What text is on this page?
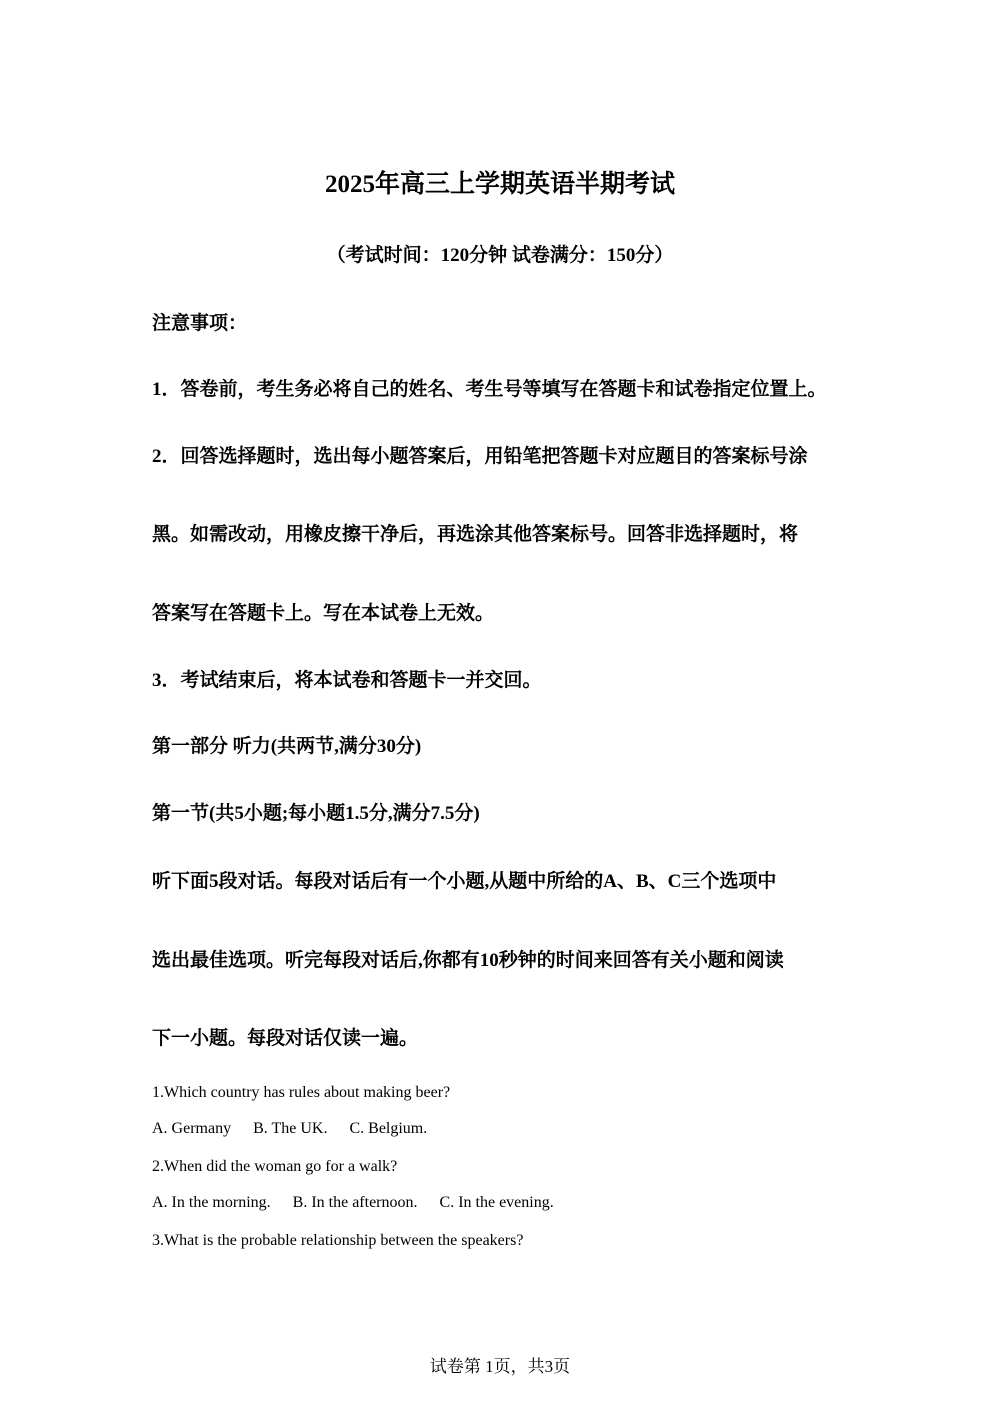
2025年高三上学期英语半期考试
（考试时间：120分钟 试卷满分：150分）
注意事项：
1．答卷前，考生务必将自己的姓名、考生号等填写在答题卡和试卷指定位置上。
2．回答选择题时，选出每小题答案后，用铅笔把答题卡对应题目的答案标号涂
黑。如需改动，用橡皮擦干净后，再选涂其他答案标号。回答非选择题时，将
答案写在答题卡上。写在本试卷上无效。
3．考试结束后，将本试卷和答题卡一并交回。
第一部分 听力(共两节,满分30分)
第一节(共5小题;每小题1.5分,满分7.5分)
听下面5段对话。每段对话后有一个小题,从题中所给的A、B、C三个选项中
选出最佳选项。听完每段对话后,你都有10秒钟的时间来回答有关小题和阅读
下一小题。每段对话仅读一遍。
1.Which country has rules about making beer?
A. Germany B. The UK. C. Belgium.
2.When did the woman go for a walk?
A. In the morning. B. In the afternoon. C. In the evening.
3.What is the probable relationship between the speakers?
试卷第 1页，共3页
